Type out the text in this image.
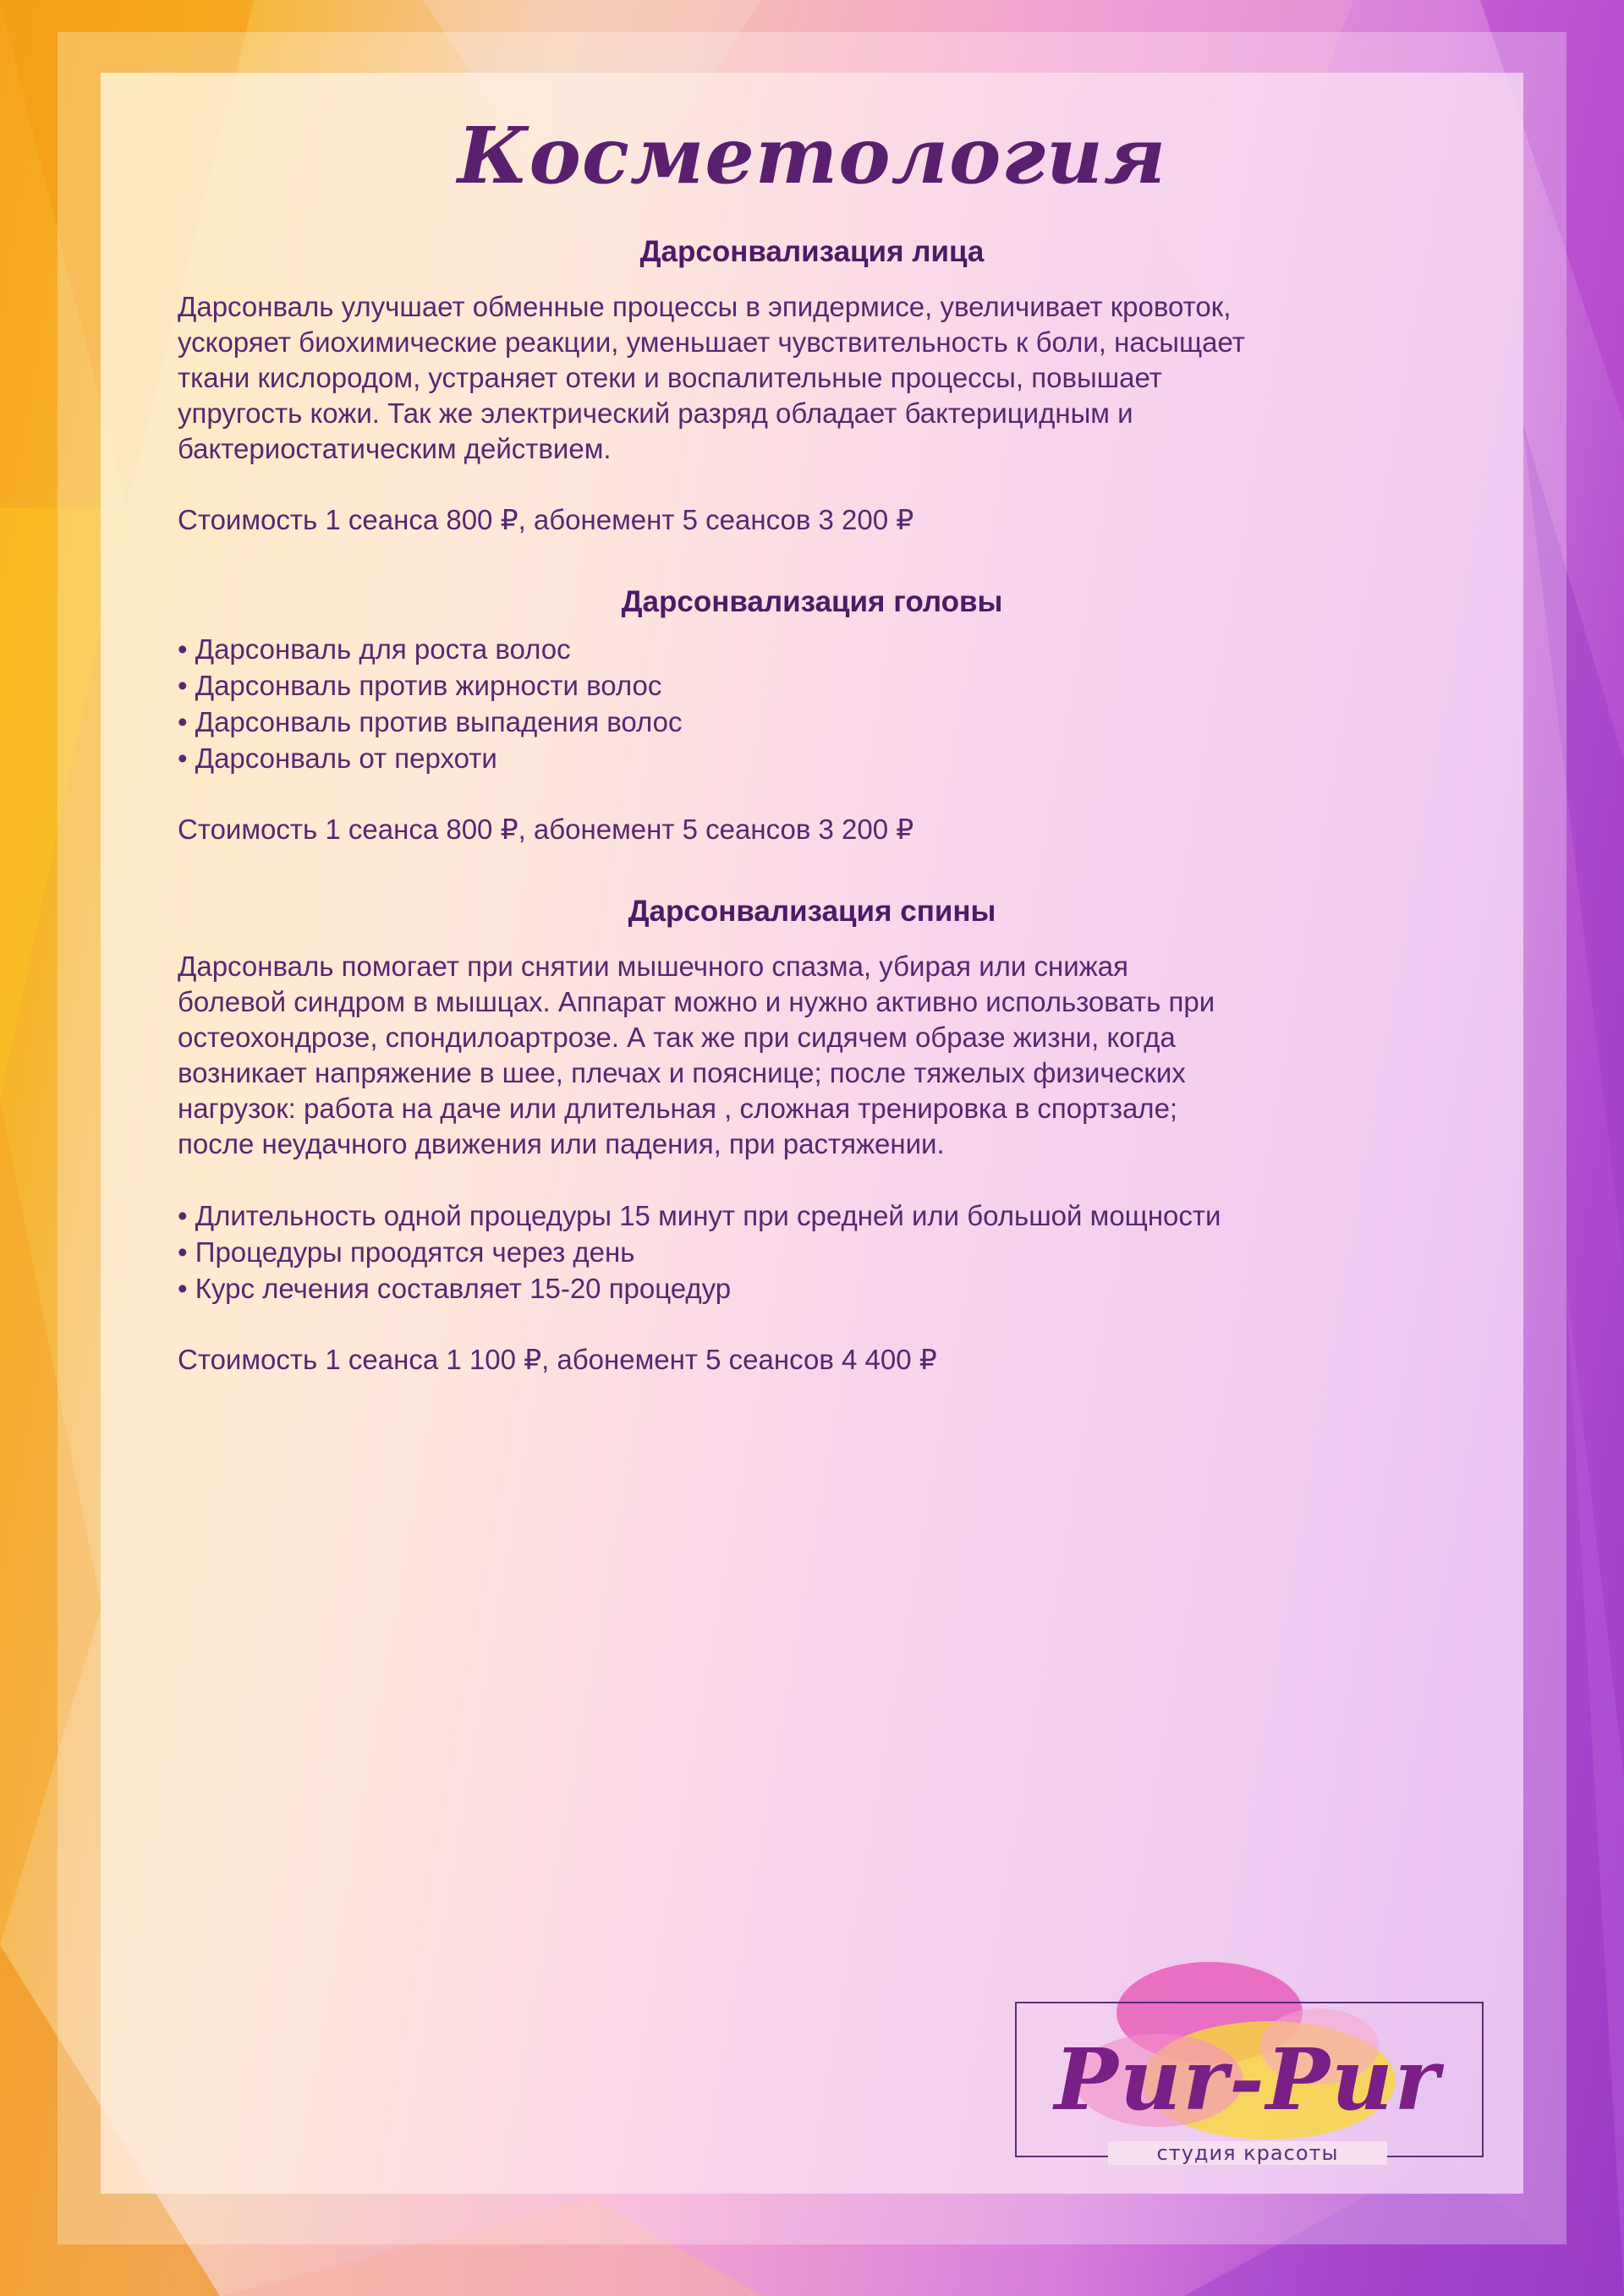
Косметология
Дарсонвализация лица

Дарсонваль улучшает обменные процессы в эпидермисе, увеличивает кровоток,
ускоряет биохимические реакции, уменьшает чувствительность к боли, насыщает
ткани кислородом, устраняет отеки и воспалительные процессы, повышает
упругость кожи. Так же электрический разряд обладает бактерицидным и
бактериостатическим действием.

Стоимость 1 сеанса 800 ₽, абонемент 5 сеансов 3 200 ₽

Дарсонвализация головы
• Дарсонваль для роста волос
• Дарсонваль против жирности волос
• Дарсонваль против выпадения волос
• Дарсонваль от перхоти

Стоимость 1 сеанса 800 ₽, абонемент 5 сеансов 3 200 ₽

Дарсонвализация спины

Дарсонваль помогает при снятии мышечного спазма, убирая или снижая
болевой синдром в мышцах. Аппарат можно и нужно активно использовать при
остеохондрозе, спондилоартрозе. А так же при сидячем образе жизни, когда
возникает напряжение в шее, плечах и пояснице; после тяжелых физических
нагрузок: работа на даче или длительная , сложная тренировка в спортзале;
после неудачного движения или падения, при растяжении.

• Длительность одной процедуры 15 минут при средней или большой мощности
• Процедуры проодятся через день
• Курс лечения составляет 15-20 процедур

Стоимость 1 сеанса 1 100 ₽, абонемент 5 сеансов 4 400 ₽

Pur-Pur
студия красоты
